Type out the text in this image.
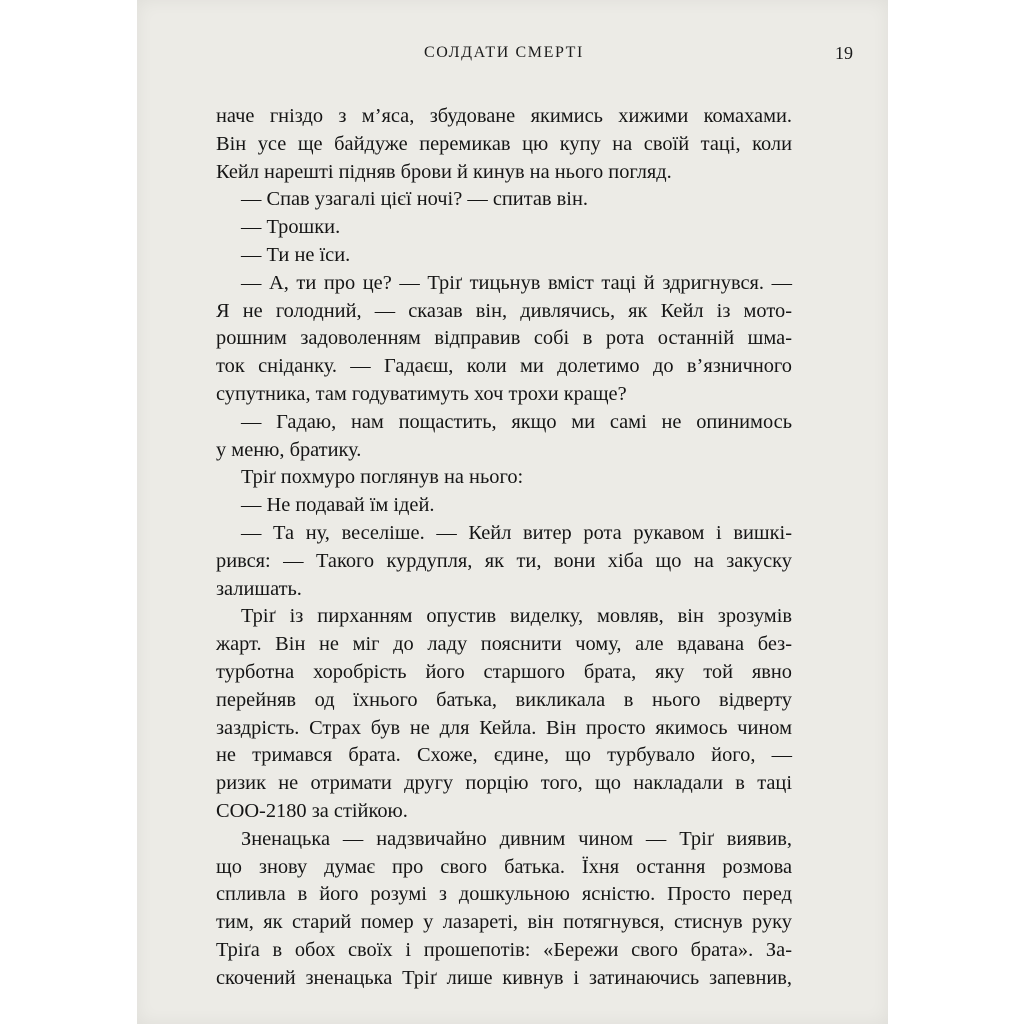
СОЛДАТИ СМЕРТІ	19
наче гніздо з м’яса, збудоване якимись хижими комахами.
Він усе ще байдуже перемикав цю купу на своїй таці, коли
Кейл нарешті підняв брови й кинув на нього погляд.
— Спав узагалі цієї ночі? — спитав він.
— Трошки.
— Ти не їси.
— А, ти про це? — Тріґ тицьнув вміст таці й здригнувся. —
Я не голодний, — сказав він, дивлячись, як Кейл із мото-
рошним задоволенням відправив собі в рота останній шма-
ток сніданку. — Гадаєш, коли ми долетимо до в’язничного
супутника, там годуватимуть хоч трохи краще?
— Гадаю, нам пощастить, якщо ми самі не опинимось
у меню, братику.
Тріґ похмуро поглянув на нього:
— Не подавай їм ідей.
— Та ну, веселіше. — Кейл витер рота рукавом і вишкі-
рився: — Такого курдупля, як ти, вони хіба що на закуску
залишать.
Тріґ із пирханням опустив виделку, мовляв, він зрозумів
жарт. Він не міг до ладу пояснити чому, але вдавана без-
турботна хоробрість його старшого брата, яку той явно
перейняв од їхнього батька, викликала в нього відверту
заздрість. Страх був не для Кейла. Він просто якимось чином
не тримався брата. Схоже, єдине, що турбувало його, —
ризик не отримати другу порцію того, що накладали в таці
СОО-2180 за стійкою.
Зненацька — надзвичайно дивним чином — Тріґ виявив,
що знову думає про свого батька. Їхня остання розмова
спливла в його розумі з дошкульною ясністю. Просто перед
тим, як старий помер у лазареті, він потягнувся, стиснув руку
Тріґа в обох своїх і прошепотів: «Бережи свого брата». За-
скочений зненацька Тріґ лише кивнув і затинаючись запевнив,
